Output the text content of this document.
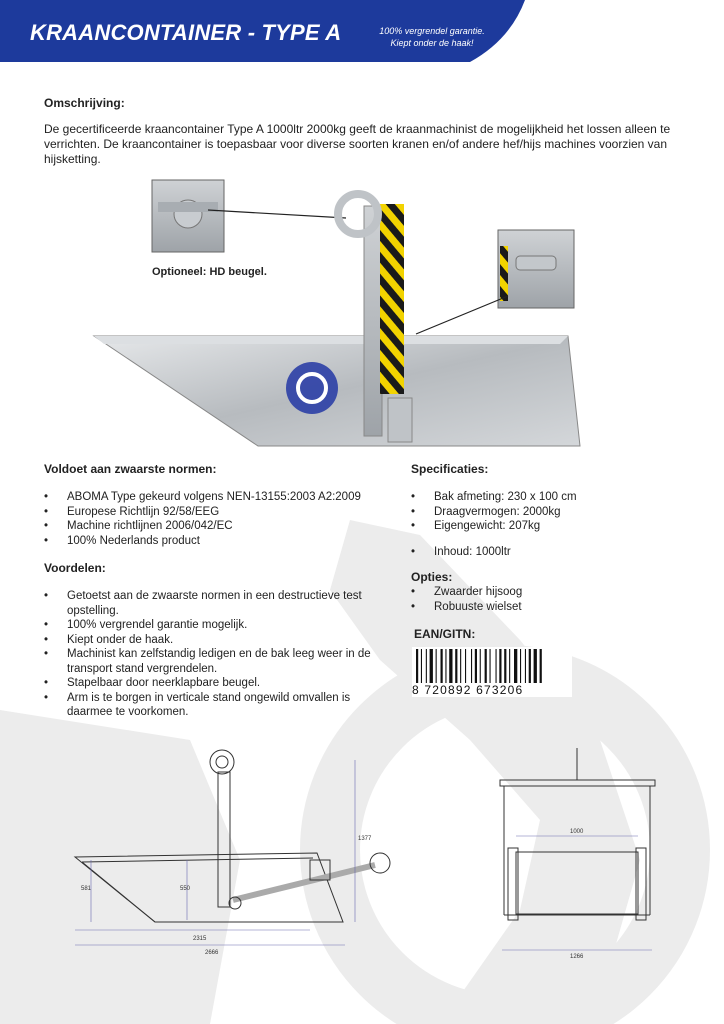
KRAANCONTAINER - TYPE A	100% vergrendel garantie.
Kiept onder de haak!
Omschrijving:

De gecertificeerde kraancontainer Type A 1000ltr 2000kg geeft de kraanmachinist de mogelijkheid het lossen alleen te verrichten. De kraancontainer is toepasbaar voor diverse soorten kranen en/of andere hef/hijs machines voorzien van hijsketting.

Optioneel: HD beugel.
Voldoet aan zwaarste normen:
• ABOMA Type gekeurd volgens NEN-13155:2003 A2:2009
• Europese Richtlijn 92/58/EEG
• Machine richtlijnen 2006/042/EC
• 100% Nederlands product
Voordelen:
• Getoetst aan de zwaarste normen in een destructieve test opstelling.
• 100% vergrendel garantie mogelijk.
• Kiept onder de haak.
• Machinist kan zelfstandig ledigen en de bak leeg weer in de transport stand vergrendelen.
• Stapelbaar door neerklapbare beugel.
• Arm is te borgen in verticale stand ongewild omvallen is daarmee te voorkomen.
Specificaties:
• Bak afmeting: 230 x 100 cm
• Draagvermogen: 2000kg
• Eigengewicht: 207kg
• Inhoud: 1000ltr
Opties:
• Zwaarder hijsoog
• Robuuste wielset
EAN/GITN:
8 720892 673206
1377
550
581
2315
2666
1000
1266
